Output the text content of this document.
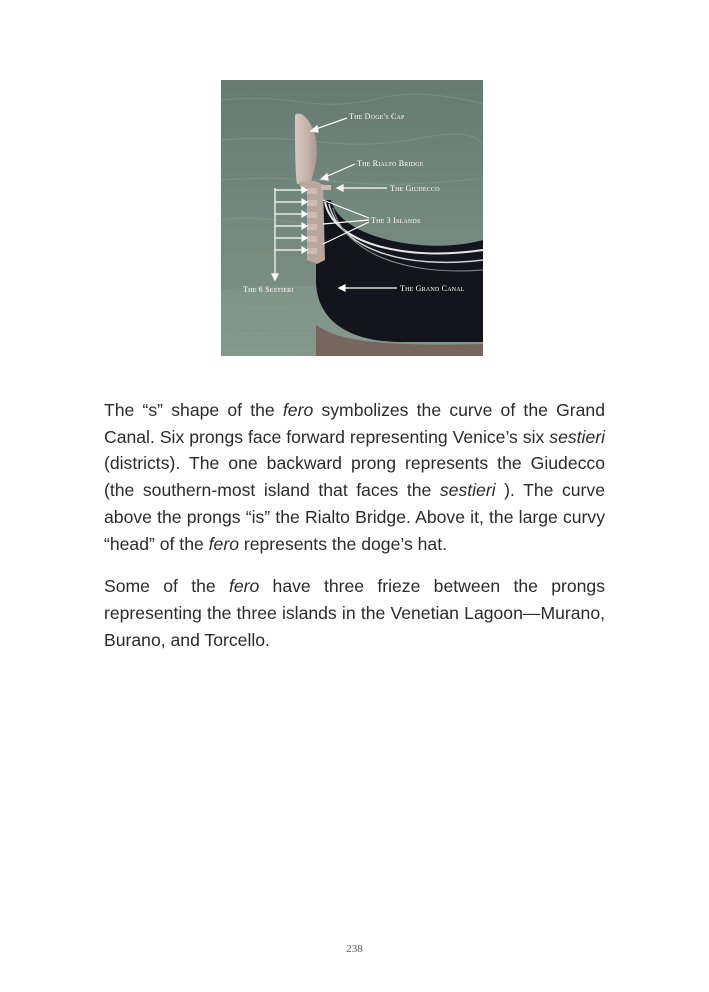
The Doge's Cap
The Rialto Bridge
The Giudecco
The 3 Islands
The 6 Sestieri	The Grand Canal

The “s” shape of the fero symbolizes the curve of the Grand Canal. Six prongs face forward representing Venice’s six sestieri (districts). The one backward prong represents the Giudecco (the southern-most island that faces the sestieri ). The curve above the prongs “is” the Rialto Bridge. Above it, the large curvy “head” of the fero represents the doge’s hat.

Some of the fero have three frieze between the prongs representing the three islands in the Venetian Lagoon—Murano, Burano, and Torcello.

238
